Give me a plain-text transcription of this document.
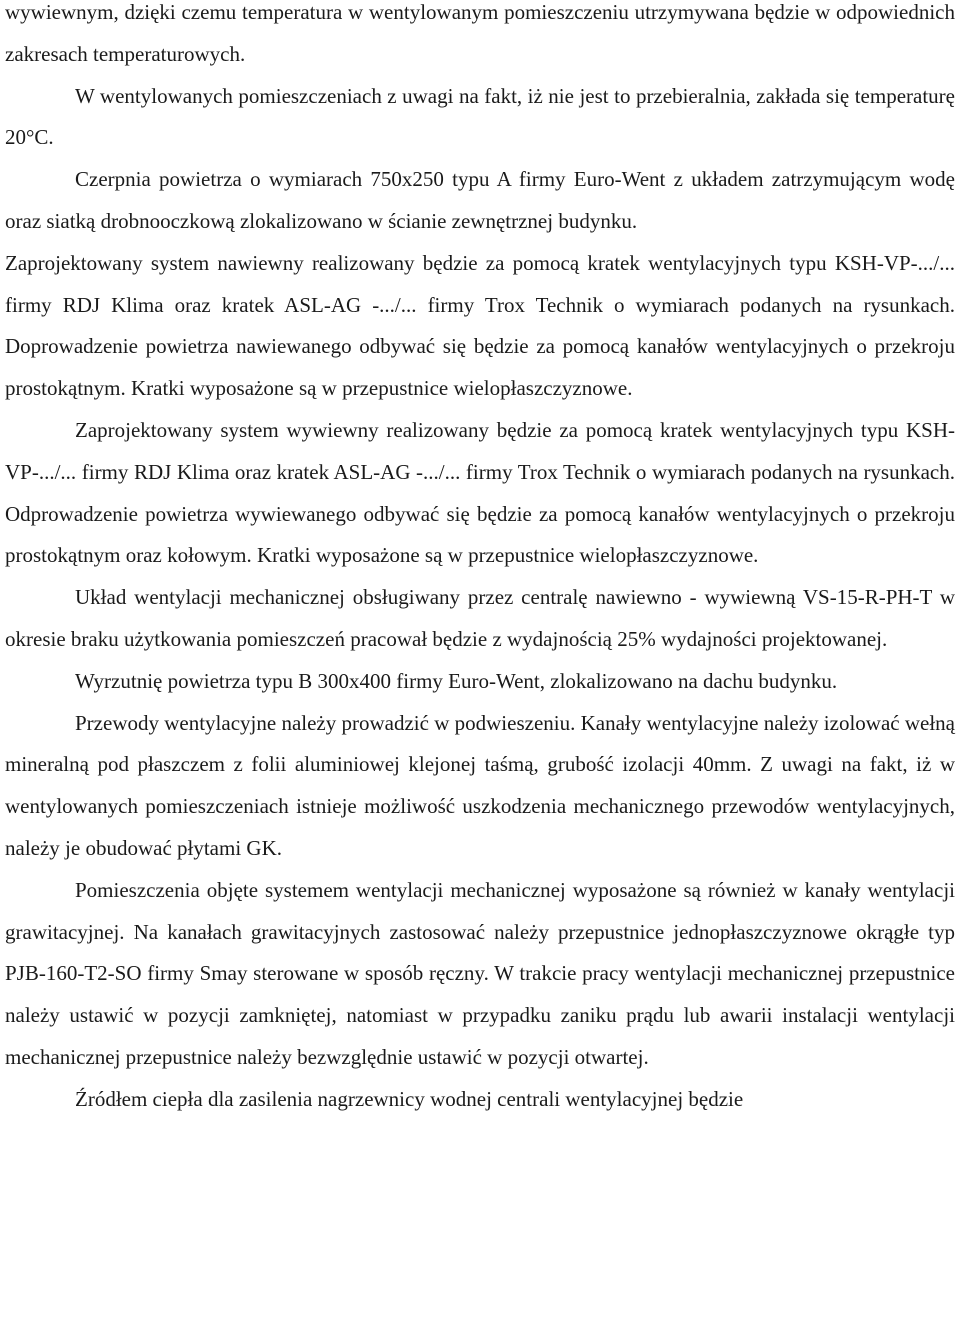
wywiewnym, dzięki czemu temperatura w wentylowanym pomieszczeniu utrzymywana będzie w odpowiednich zakresach temperaturowych.

W wentylowanych pomieszczeniach z uwagi na fakt, iż nie jest to przebieralnia, zakłada się temperaturę 20°C.

Czerpnia powietrza o wymiarach 750x250 typu A firmy Euro-Went z układem zatrzymującym wodę oraz siatką drobnooczkową zlokalizowano w ścianie zewnętrznej budynku.

Zaprojektowany system nawiewny realizowany będzie za pomocą kratek wentylacyjnych typu KSH-VP-.../... firmy RDJ Klima oraz kratek ASL-AG -.../... firmy Trox Technik o wymiarach podanych na rysunkach. Doprowadzenie powietrza nawiewanego odbywać się będzie za pomocą kanałów wentylacyjnych o przekroju prostokątnym. Kratki wyposażone są w przepustnice wielopłaszczyznowe.

Zaprojektowany system wywiewny realizowany będzie za pomocą kratek wentylacyjnych typu KSH-VP-.../... firmy RDJ Klima oraz kratek ASL-AG -.../... firmy Trox Technik o wymiarach podanych na rysunkach. Odprowadzenie powietrza wywiewanego odbywać się będzie za pomocą kanałów wentylacyjnych o przekroju prostokątnym oraz kołowym. Kratki wyposażone są w przepustnice wielopłaszczyznowe.

Układ wentylacji mechanicznej obsługiwany przez centralę nawiewno - wywiewną VS-15-R-PH-T w okresie braku użytkowania pomieszczeń pracował będzie z wydajnością 25% wydajności projektowanej.

Wyrzutnię powietrza typu B 300x400 firmy Euro-Went, zlokalizowano na dachu budynku.

Przewody wentylacyjne należy prowadzić w podwieszeniu. Kanały wentylacyjne należy izolować wełną mineralną pod płaszczem z folii aluminiowej klejonej taśmą, grubość izolacji 40mm. Z uwagi na fakt, iż w wentylowanych pomieszczeniach istnieje możliwość uszkodzenia mechanicznego przewodów wentylacyjnych, należy je obudować płytami GK.

Pomieszczenia objęte systemem wentylacji mechanicznej wyposażone są również w kanały wentylacji grawitacyjnej. Na kanałach grawitacyjnych zastosować należy przepustnice jednopłaszczyznowe okrągłe typ PJB-160-T2-SO firmy Smay sterowane w sposób ręczny. W trakcie pracy wentylacji mechanicznej przepustnice należy ustawić w pozycji zamkniętej, natomiast w przypadku zaniku prądu lub awarii instalacji wentylacji mechanicznej przepustnice należy bezwzględnie ustawić w pozycji otwartej.

Źródłem ciepła dla zasilenia nagrzewnicy wodnej centrali wentylacyjnej będzie
